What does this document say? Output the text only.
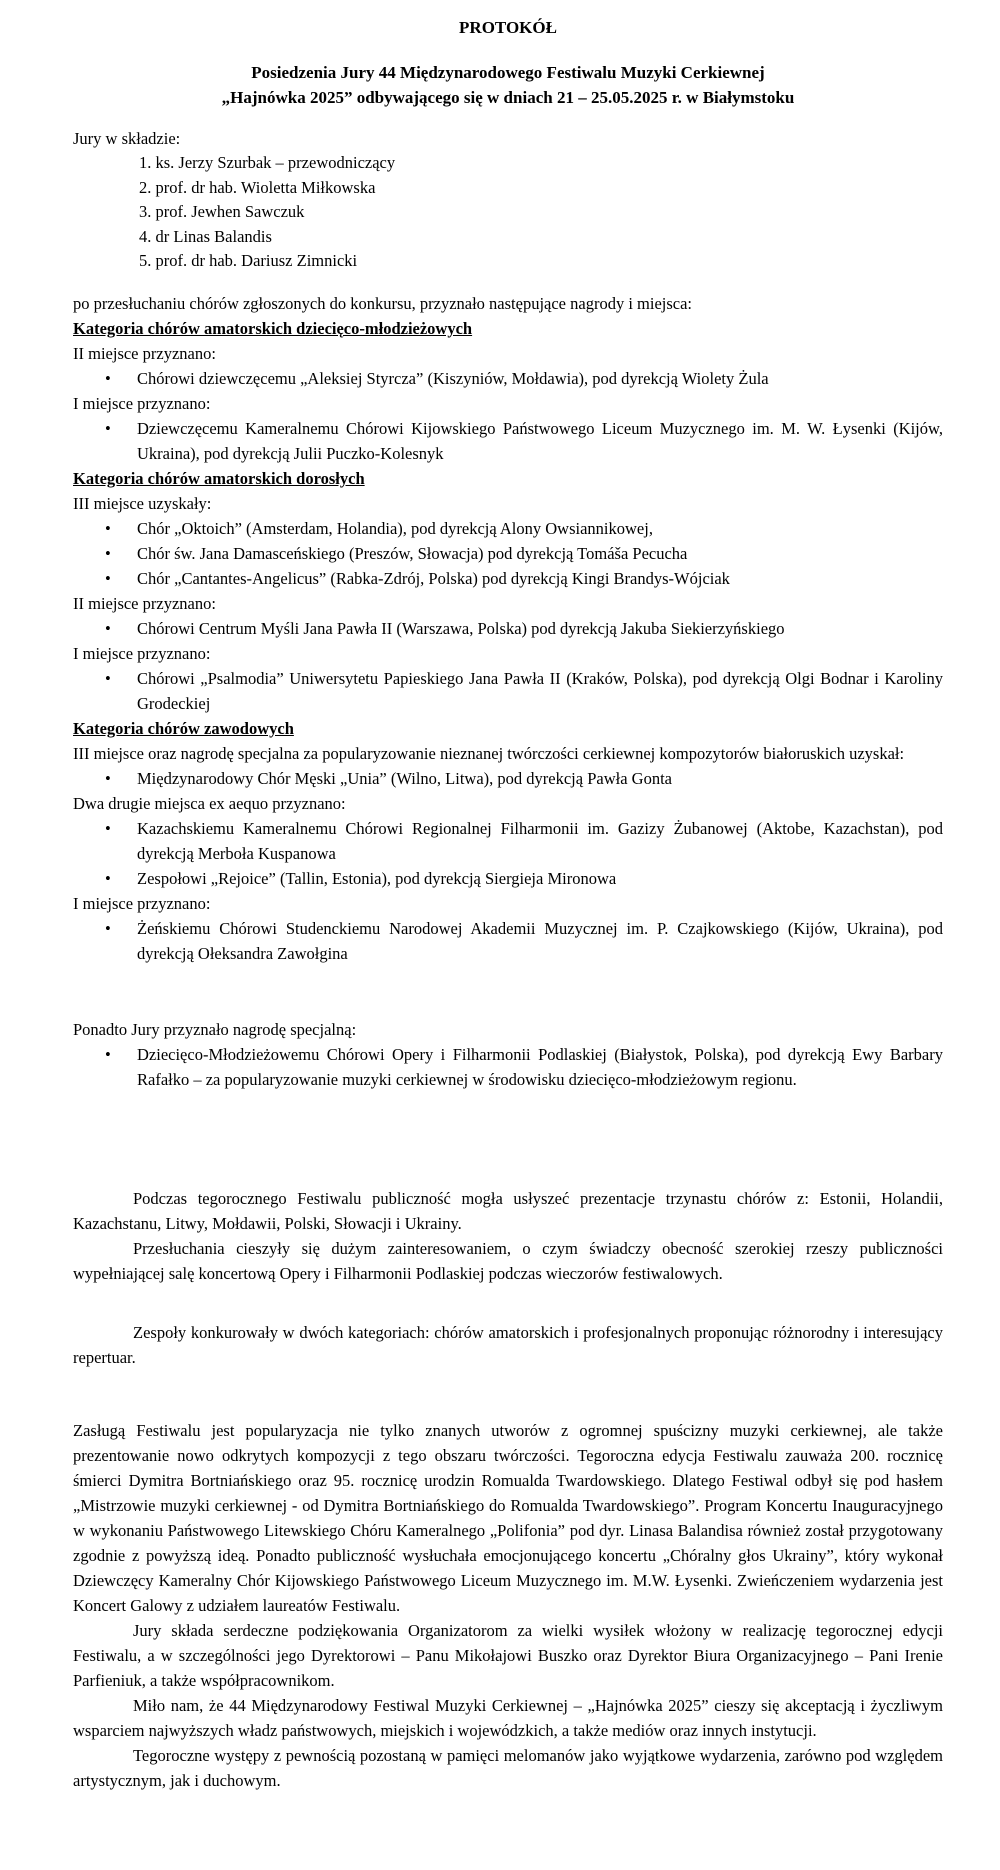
PROTOKÓŁ
Posiedzenia Jury 44 Międzynarodowego Festiwalu Muzyki Cerkiewnej
„Hajnówka 2025” odbywającego się w dniach 21 – 25.05.2025 r. w Białymstoku

Jury w składzie:

1. ks. Jerzy Szurbak – przewodniczący
2. prof. dr hab. Wioletta Miłkowska
3. prof. Jewhen Sawczuk
4. dr Linas Balandis
5. prof. dr hab. Dariusz Zimnicki

po przesłuchaniu chórów zgłoszonych do konkursu, przyznało następujące nagrody i miejsca:

Kategoria chórów amatorskich dziecięco-młodzieżowych

II miejsce przyznano:

• Chórowi dziewczęcemu „Aleksiej Styrcza” (Kiszyniów, Mołdawia), pod dyrekcją Wiolety Żula

I miejsce przyznano:

• Dziewczęcemu Kameralnemu Chórowi Kijowskiego Państwowego Liceum Muzycznego im. M. W. Łysenki (Kijów, Ukraina), pod dyrekcją Julii Puczko-Kolesnyk

Kategoria chórów amatorskich dorosłych

III miejsce uzyskały:

• Chór „Oktoich” (Amsterdam, Holandia), pod dyrekcją Alony Owsiannikowej,
• Chór św. Jana Damasceńskiego (Preszów, Słowacja) pod dyrekcją Tomáša Pecucha
• Chór „Cantantes-Angelicus” (Rabka-Zdrój, Polska) pod dyrekcją Kingi Brandys-Wójciak

II miejsce przyznano:

• Chórowi Centrum Myśli Jana Pawła II (Warszawa, Polska) pod dyrekcją Jakuba Siekierzyńskiego

I miejsce przyznano:

• Chórowi „Psalmodia” Uniwersytetu Papieskiego Jana Pawła II (Kraków, Polska), pod dyrekcją Olgi Bodnar i Karoliny Grodeckiej

Kategoria chórów zawodowych

III miejsce oraz nagrodę specjalna za popularyzowanie nieznanej twórczości cerkiewnej kompozytorów białoruskich uzyskał:

• Międzynarodowy Chór Męski „Unia” (Wilno, Litwa), pod dyrekcją Pawła Gonta

Dwa drugie miejsca ex aequo przyznano:

• Kazachskiemu Kameralnemu Chórowi Regionalnej Filharmonii im. Gazizy Żubanowej (Aktobe, Kazachstan), pod dyrekcją Merboła Kuspanowa
• Zespołowi „Rejoice” (Tallin, Estonia), pod dyrekcją Siergieja Mironowa

I miejsce przyznano:

• Żeńskiemu Chórowi Studenckiemu Narodowej Akademii Muzycznej im. P. Czajkowskiego (Kijów, Ukraina), pod dyrekcją Ołeksandra Zawołgina

Ponadto Jury przyznało nagrodę specjalną:

• Dziecięco-Młodzieżowemu Chórowi Opery i Filharmonii Podlaskiej (Białystok, Polska), pod dyrekcją Ewy Barbary Rafałko – za popularyzowanie muzyki cerkiewnej w środowisku dziecięco-młodzieżowym regionu.

Podczas tegorocznego Festiwalu publiczność mogła usłyszeć prezentacje trzynastu chórów z: Estonii, Holandii, Kazachstanu, Litwy, Mołdawii, Polski, Słowacji i Ukrainy.

Przesłuchania cieszyły się dużym zainteresowaniem, o czym świadczy obecność szerokiej rzeszy publiczności wypełniającej salę koncertową Opery i Filharmonii Podlaskiej podczas wieczorów festiwalowych.

Zespoły konkurowały w dwóch kategoriach: chórów amatorskich i profesjonalnych proponując różnorodny i interesujący repertuar.

Zasługą Festiwalu jest popularyzacja nie tylko znanych utworów z ogromnej spuścizny muzyki cerkiewnej, ale także prezentowanie nowo odkrytych kompozycji z tego obszaru twórczości. Tegoroczna edycja Festiwalu zauważa 200. rocznicę śmierci Dymitra Bortniańskiego oraz 95. rocznicę urodzin Romualda Twardowskiego. Dlatego Festiwal odbył się pod hasłem „Mistrzowie muzyki cerkiewnej - od Dymitra Bortniańskiego do Romualda Twardowskiego”. Program Koncertu Inauguracyjnego w wykonaniu Państwowego Litewskiego Chóru Kameralnego „Polifonia” pod dyr. Linasa Balandisa również został przygotowany zgodnie z powyższą ideą. Ponadto publiczność wysłuchała emocjonującego koncertu „Chóralny głos Ukrainy”, który wykonał Dziewczęcy Kameralny Chór Kijowskiego Państwowego Liceum Muzycznego im. M.W. Łysenki. Zwieńczeniem wydarzenia jest Koncert Galowy z udziałem laureatów Festiwalu.

Jury składa serdeczne podziękowania Organizatorom za wielki wysiłek włożony w realizację tegorocznej edycji Festiwalu, a w szczególności jego Dyrektorowi – Panu Mikołajowi Buszko oraz Dyrektor Biura Organizacyjnego – Pani Irenie Parfieniuk, a także współpracownikom.

Miło nam, że 44 Międzynarodowy Festiwal Muzyki Cerkiewnej – „Hajnówka 2025” cieszy się akceptacją i życzliwym wsparciem najwyższych władz państwowych, miejskich i wojewódzkich, a także mediów oraz innych instytucji.

Tegoroczne występy z pewnością pozostaną w pamięci melomanów jako wyjątkowe wydarzenia, zarówno pod względem artystycznym, jak i duchowym.
